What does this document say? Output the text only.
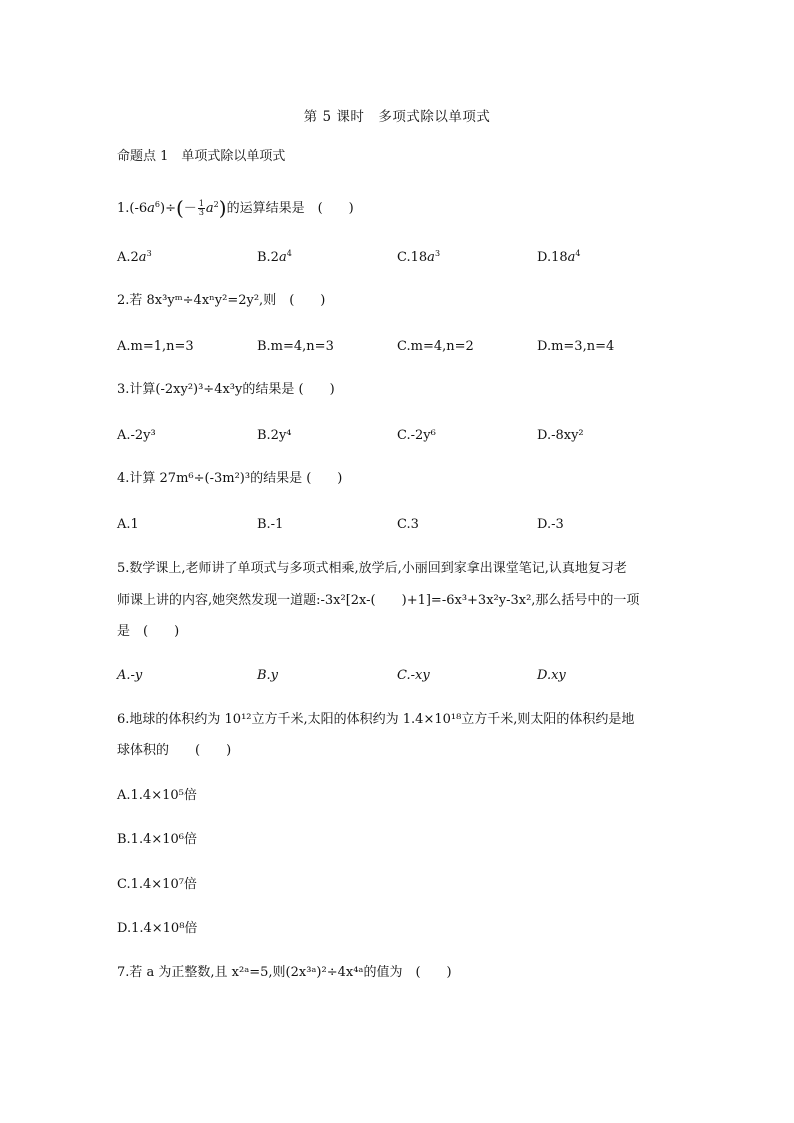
第 5 课时　多项式除以单项式
命题点 1　单项式除以单项式
$1.(-6a^6)\div(- \frac{1}{3} a^2)$的运算结果是　(　　)
$A.2a^3$	$B.2a^4$	$C.18a^3$	$D.18a^4$
2.若 8x³yᵐ÷4xⁿy²=2y²,则　(　　)
A.m=1,n=3	B.m=4,n=3	C.m=4,n=2	D.m=3,n=4
3.计算(-2xy²)³÷4x³y的结果是 (　　)
A.-2y³	B.2y⁴	C.-2y⁶	D.-8xy²
4.计算 27m⁶÷(-3m²)³的结果是 (　　)
A.1	B.-1	C.3	D.-3
5.数学课上,老师讲了单项式与多项式相乘,放学后,小丽回到家拿出课堂笔记,认真地复习老
师课上讲的内容,她突然发现一道题:-3x²[2x-(　　)+1]=-6x³+3x²y-3x²,那么括号中的一项
是　(　　)
A.-y	B.y	C.-xy	D.xy
6.地球的体积约为 10¹²立方千米,太阳的体积约为 1.4×10¹⁸立方千米,则太阳的体积约是地
球体积的　　(　　)
A.1.4×10⁵倍
B.1.4×10⁶倍
C.1.4×10⁷倍
D.1.4×10⁸倍
7.若 a 为正整数,且 x²ᵃ=5,则(2x³ᵃ)²÷4x⁴ᵃ的值为　(　　)
